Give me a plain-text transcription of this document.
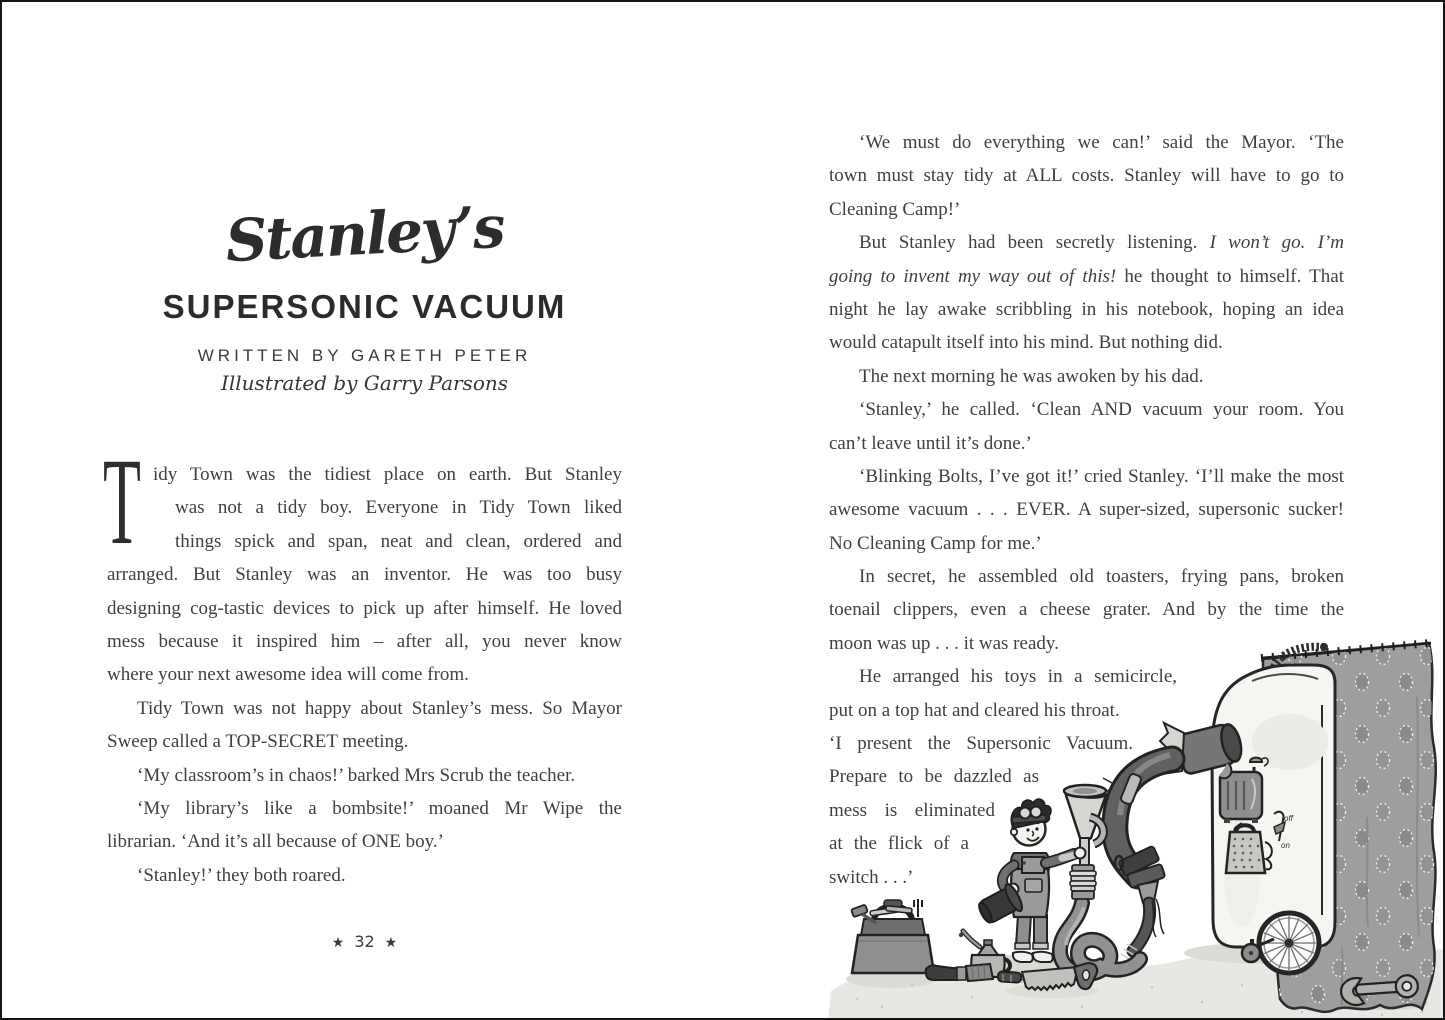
off
on
Stanley’s
SUPERSONIC VACUUM
WRITTEN BY GARETH PETER
Illustrated by Garry Parsons
T idy Town was the tidiest place on earth. But Stanley
was not a tidy boy. Everyone in Tidy Town liked
things spick and span, neat and clean, ordered and
arranged. But Stanley was an inventor. He was too busy
designing cog-tastic devices to pick up after himself. He loved
mess because it inspired him – after all, you never know
where your next awesome idea will come from.
Tidy Town was not happy about Stanley’s mess. So Mayor
Sweep called a TOP-SECRET meeting.
‘My classroom’s in chaos!’ barked Mrs Scrub the teacher.
‘My library’s like a bombsite!’ moaned Mr Wipe the
librarian. ‘And it’s all because of ONE boy.’
‘Stanley!’ they both roared.
★ 32 ★
‘We must do everything we can!’ said the Mayor. ‘The
town must stay tidy at ALL costs. Stanley will have to go to
Cleaning Camp!’
But Stanley had been secretly listening. I won’t go. I’m
going to invent my way out of this! he thought to himself. That
night he lay awake scribbling in his notebook, hoping an idea
would catapult itself into his mind. But nothing did.
The next morning he was awoken by his dad.
‘Stanley,’ he called. ‘Clean AND vacuum your room. You
can’t leave until it’s done.’
‘Blinking Bolts, I’ve got it!’ cried Stanley. ‘I’ll make the most
awesome vacuum . . . EVER. A super-sized, supersonic sucker!
No Cleaning Camp for me.’
In secret, he assembled old toasters, frying pans, broken
toenail clippers, even a cheese grater. And by the time the
moon was up . . . it was ready.
He arranged his toys in a semicircle,
put on a top hat and cleared his throat.
‘I present the Supersonic Vacuum.
Prepare to be dazzled as
mess is eliminated
at the flick of a
switch . . .’
